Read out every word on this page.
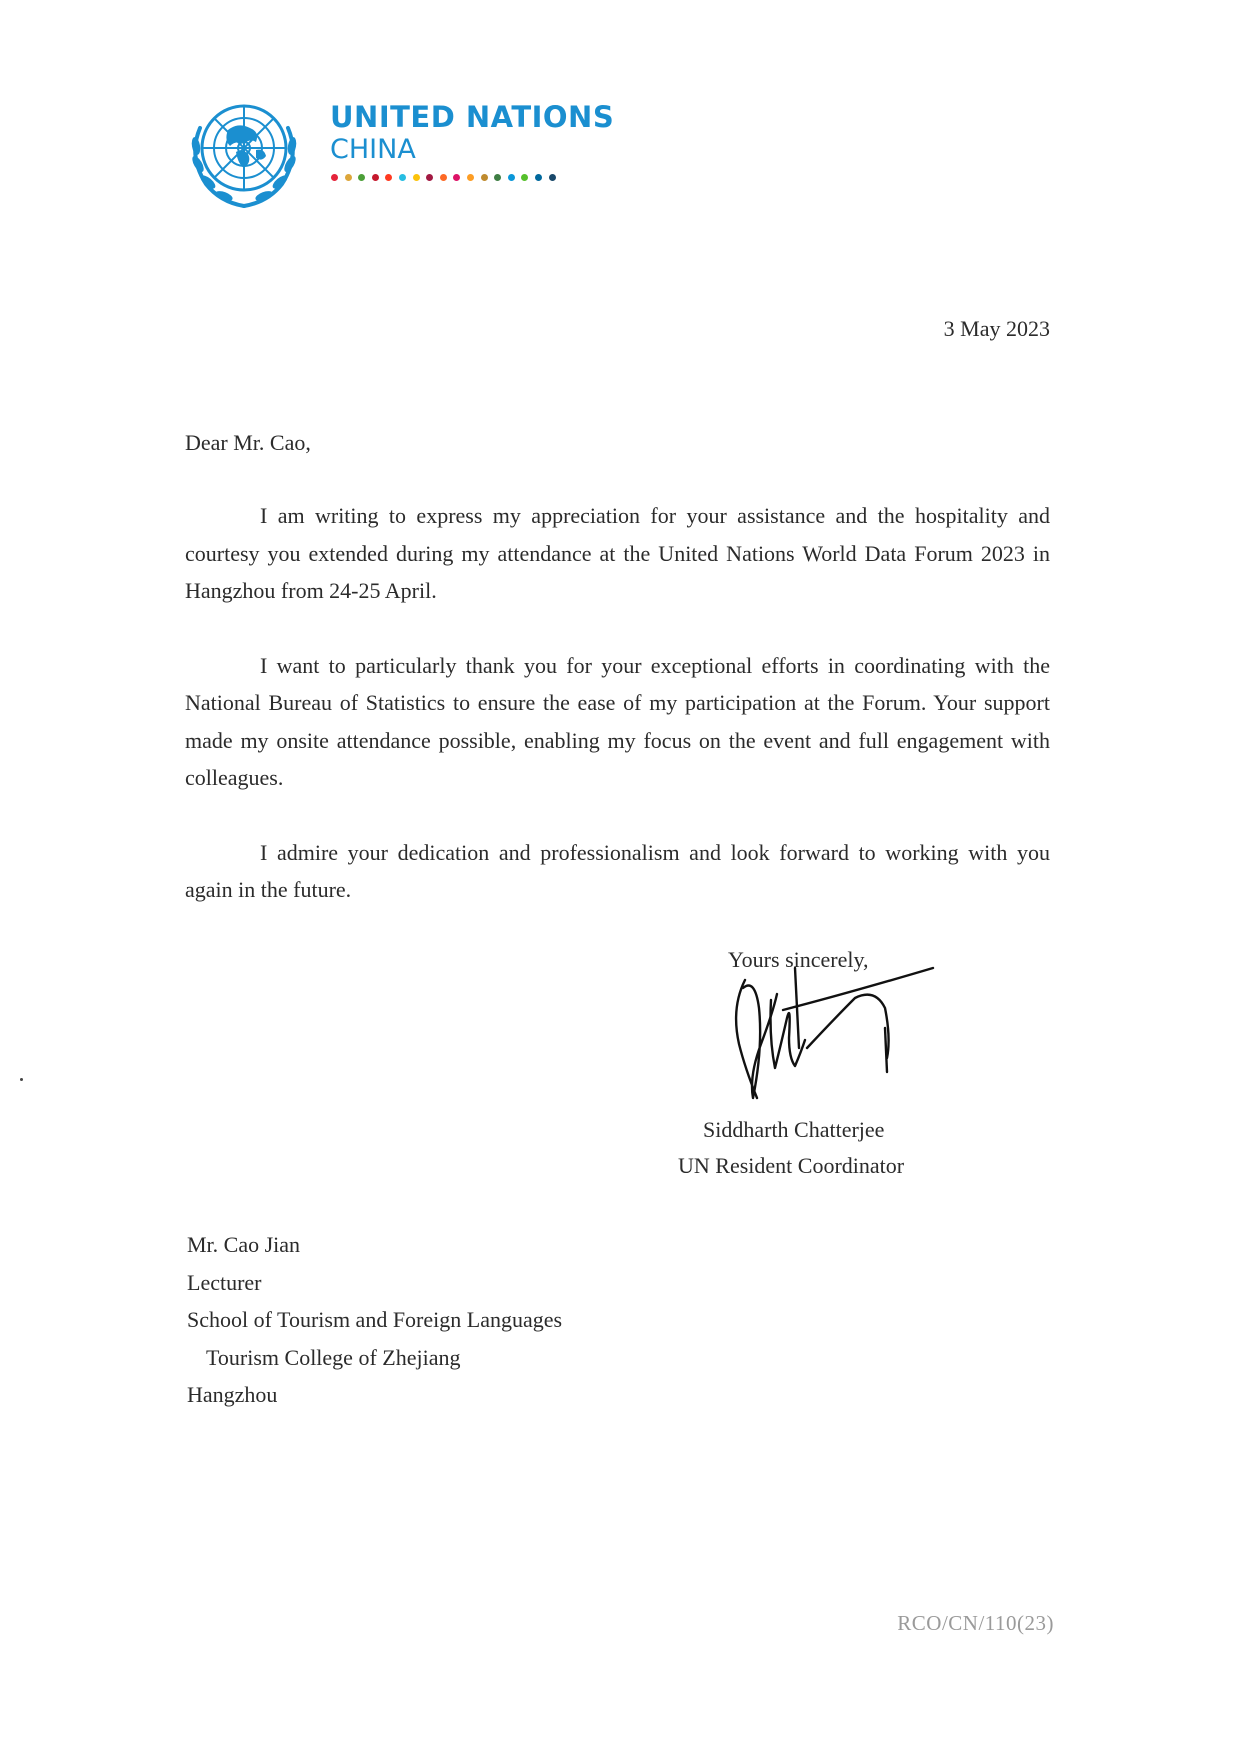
UNITED NATIONS
CHINA
3 May 2023
Dear Mr. Cao,

I am writing to express my appreciation for your assistance and the hospitality and courtesy you extended during my attendance at the United Nations World Data Forum 2023 in Hangzhou from 24-25 April.

I want to particularly thank you for your exceptional efforts in coordinating with the National Bureau of Statistics to ensure the ease of my participation at the Forum. Your support made my onsite attendance possible, enabling my focus on the event and full engagement with colleagues.

I admire your dedication and professionalism and look forward to working with you again in the future.

Yours sincerely,
Siddharth Chatterjee
UN Resident Coordinator
Mr. Cao Jian
Lecturer
School of Tourism and Foreign Languages
Tourism College of Zhejiang
Hangzhou
RCO/CN/110(23)
